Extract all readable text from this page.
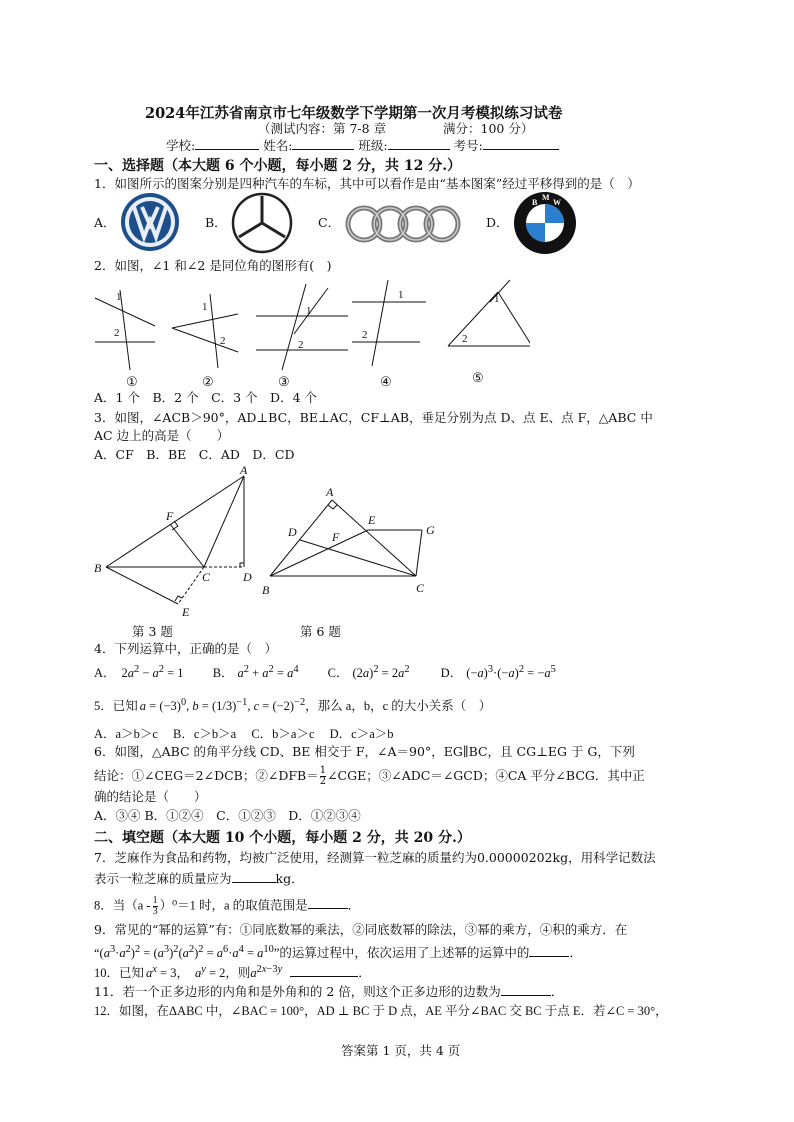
2024年江苏省南京市七年级数学下学期第一次月考模拟练习试卷
（测试内容：第 7-8 章	满分：100 分）
学校:	姓名:	班级:	考号:
一、选择题（本大题 6 个小题，每小题 2 分，共 12 分.）
1．如图所示的图案分别是四种汽车的车标，其中可以看作是由“基本图案”经过平移得到的是（　）
A．	B．	C．	D．
B
M
W
2．如图，∠1 和∠2 是同位角的图形有(　)
1
2
1
2
1
2
1
2
1
2
①	②	③	④	⑤
A．1 个　B．2 个　C．3 个　D．4 个
3．如图，∠ACB＞90°，AD⊥BC，BE⊥AC，CF⊥AB，垂足分别为点 D、点 E、点 F，△ABC 中
AC 边上的高是（　　）
A．CF　B．BE　C．AD　D．CD
A
B
C	D
E
F
A
B	C
D
E
F	G
第 3 题	第 6 题
4．下列运算中，正确的是（　）
A． $2a^2 - a^2 = 1$ B． $a^2 + a^2 = a^4$ C． $(2a)^2 = 2a^2$ D． $(-a)^3\cdot(-a)^2 = -a^5$
5．已知 $a = (-3)^0$, $b = (1/3)^{-1}$, $c = (-2)^{-2}$，那么 a，b，c 的大小关系（　）
A．a＞b＞c B．c＞b＞a C．b＞a＞c D．c＞a＞b
6．如图，△ABC 的角平分线 CD、BE 相交于 F，∠A＝90°，EG∥BC，且 CG⊥EG 于 G，下列
结论：①∠CEG＝2∠DCB；②∠DFB＝ $\frac{1}{2}$ ∠CGE；③∠ADC＝∠GCD；④CA 平分∠BCG．其中正
确的结论是（　　）
A．③④ B．①②④　C．①②③　D．①②③④
二、填空题（本大题 10 个小题，每小题 2 分，共 20 分.）
7．芝麻作为食品和药物，均被广泛使用，经测算一粒芝麻的质量约为0.00000202kg，用科学记数法
表示一粒芝麻的质量应为	kg．
8．当$(a - \frac{1}{3} )^0=1$ 时，a 的取值范围是	．
9．常见的“幂的运算”有：①同底数幂的乘法，②同底数幂的除法，③幂的乘方，④积的乘方．在
“$(a^3\cdot a^2)^2 = (a^3)^2(a^2)^2 = a^6\cdot a^4 = a^{10}$”的运算过程中，依次运用了上述幂的运算中的	．
10．已知 $a^x = 3$， $a^y = 2$，则$a^{2x-3y}$	．
11．若一个正多边形的内角和是外角和的 2 倍，则这个正多边形的边数为	．
12．如图，在ΔABC 中，∠BAC = 100°，AD ⊥ BC 于 D 点，AE 平分∠BAC 交 BC 于点 E．若∠C = 30°，
答案第 1 页，共 4 页
